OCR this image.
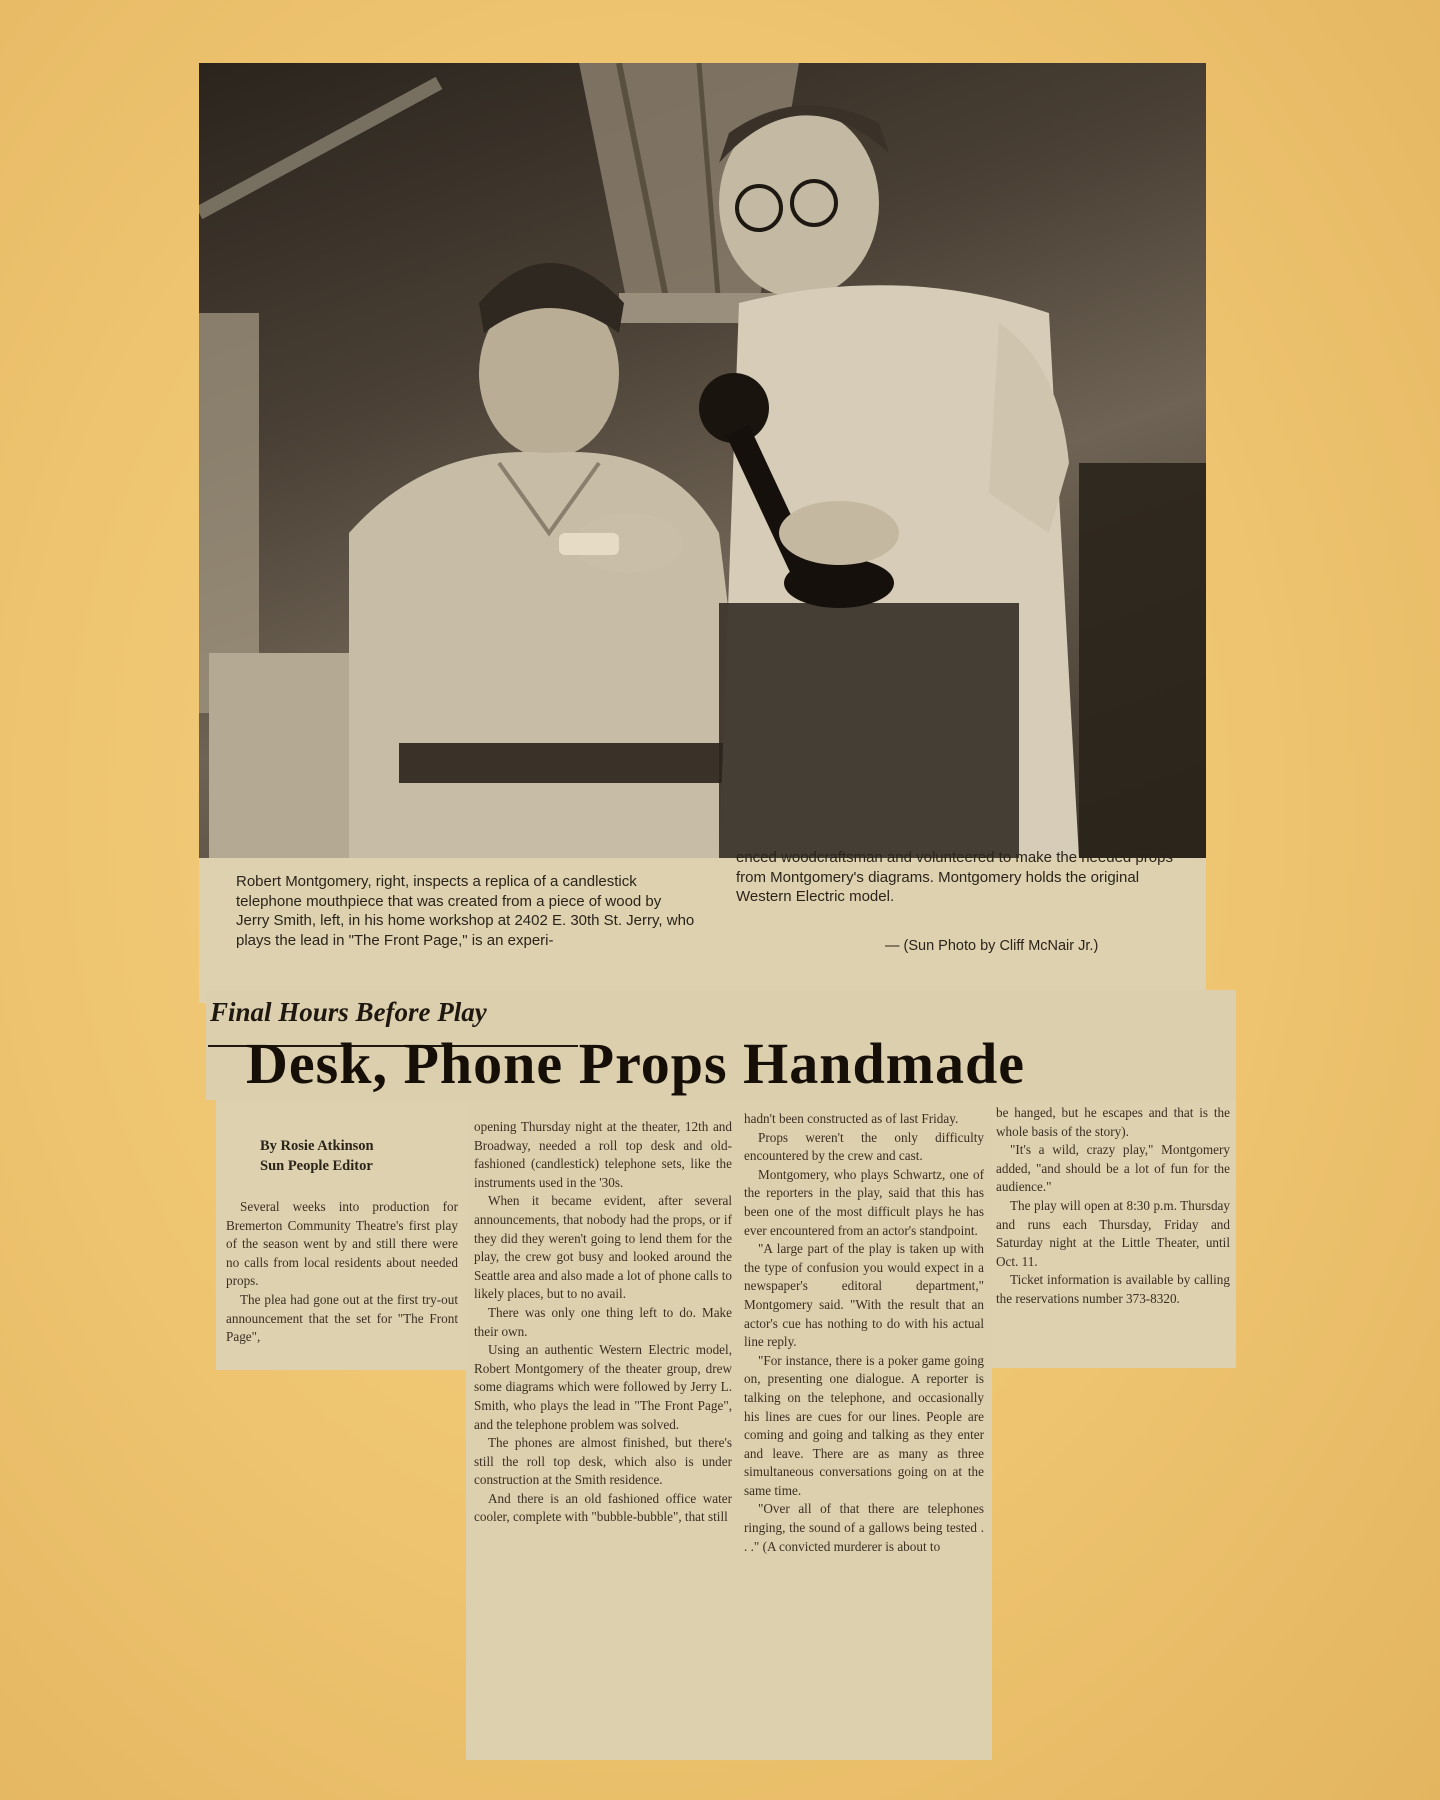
Robert Montgomery, right, inspects a replica of a candlestick telephone mouthpiece that was created from a piece of wood by Jerry Smith, left, in his home workshop at 2402 E. 30th St. Jerry, who plays the lead in "The Front Page," is an experi-

enced woodcraftsman and volunteered to make the needed props from Montgomery's diagrams. Montgomery holds the original Western Electric model.

— (Sun Photo by Cliff McNair Jr.)
Final Hours Before Play
Desk, Phone Props Handmade
By Rosie Atkinson
Sun People Editor

Several weeks into production for Bremerton Community Theatre's first play of the season went by and still there were no calls from local residents about needed props.

The plea had gone out at the first try-out announcement that the set for "The Front Page",

opening Thursday night at the theater, 12th and Broadway, needed a roll top desk and old-fashioned (candlestick) telephone sets, like the instruments used in the '30s.

When it became evident, after several announcements, that nobody had the props, or if they did they weren't going to lend them for the play, the crew got busy and looked around the Seattle area and also made a lot of phone calls to likely places, but to no avail.

There was only one thing left to do. Make their own.

Using an authentic Western Electric model, Robert Montgomery of the theater group, drew some diagrams which were followed by Jerry L. Smith, who plays the lead in "The Front Page", and the telephone problem was solved.

The phones are almost finished, but there's still the roll top desk, which also is under construction at the Smith residence.

And there is an old fashioned office water cooler, complete with "bubble-bubble", that still

hadn't been constructed as of last Friday.

Props weren't the only difficulty encountered by the crew and cast.

Montgomery, who plays Schwartz, one of the reporters in the play, said that this has been one of the most difficult plays he has ever encountered from an actor's standpoint.

"A large part of the play is taken up with the type of confusion you would expect in a newspaper's editoral department," Montgomery said. "With the result that an actor's cue has nothing to do with his actual line reply.

"For instance, there is a poker game going on, presenting one dialogue. A reporter is talking on the telephone, and occasionally his lines are cues for our lines. People are coming and going and talking as they enter and leave. There are as many as three simultaneous conversations going on at the same time.

"Over all of that there are telephones ringing, the sound of a gallows being tested . . ." (A convicted murderer is about to

be hanged, but he escapes and that is the whole basis of the story).

"It's a wild, crazy play," Montgomery added, "and should be a lot of fun for the audience."

The play will open at 8:30 p.m. Thursday and runs each Thursday, Friday and Saturday night at the Little Theater, until Oct. 11.

Ticket information is available by calling the reservations number 373-8320.
